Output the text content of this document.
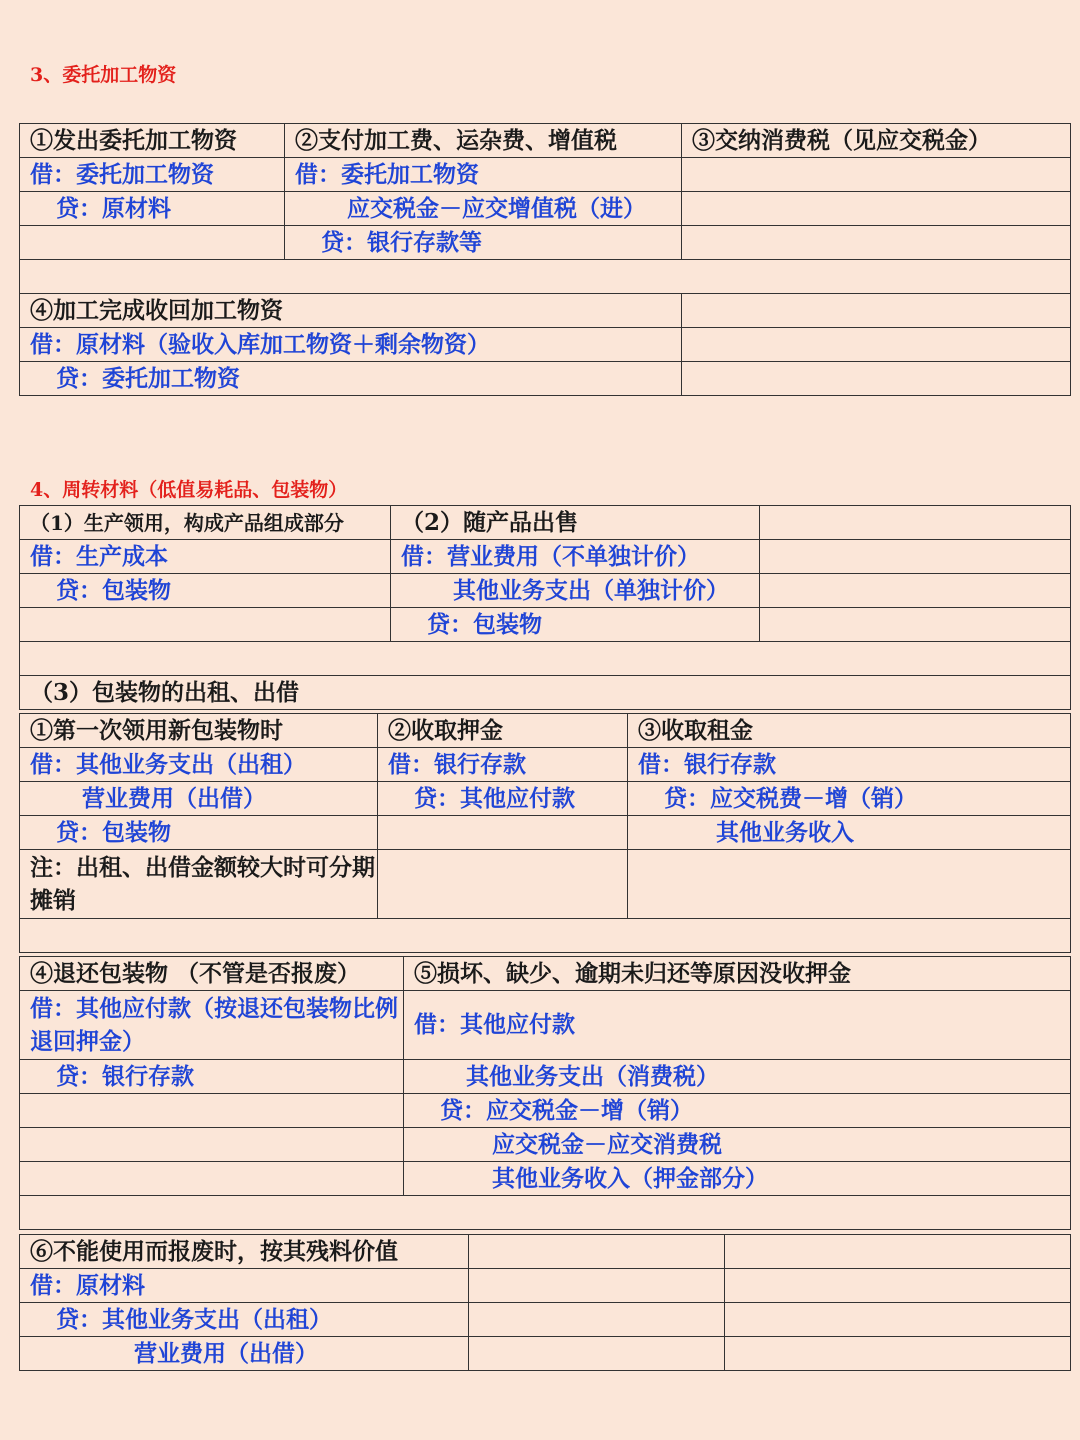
3、委托加工物资
①发出委托加工物资	②支付加工费、运杂费、增值税	③交纳消费税（见应交税金）
借：委托加工物资	借：委托加工物资	
贷：原材料	应交税金－应交增值税（进）	
	贷：银行存款等	

④加工完成收回加工物资		
借：原材料（验收入库加工物资＋剩余物资）		
贷：委托加工物资		
4、周转材料（低值易耗品、包装物）
（1）生产领用，构成产品组成部分	（2）随产品出售	
借：生产成本	借：营业费用（不单独计价）	
贷：包装物	其他业务支出（单独计价）	
	贷：包装物	

（3）包装物的出租、出借		
①第一次领用新包装物时	②收取押金	③收取租金
借：其他业务支出（出租）	借：银行存款	借：银行存款
营业费用（出借）	贷：其他应付款	贷：应交税费－增（销）
贷：包装物		其他业务收入
注：出租、出借金额较大时可分期摊销		

④退还包装物 （不管是否报废）	⑤损坏、缺少、逾期未归还等原因没收押金
借：其他应付款（按退还包装物比例退回押金）	借：其他应付款
贷：银行存款	其他业务支出（消费税）
	贷：应交税金－增（销）
	应交税金－应交消费税
	其他业务收入（押金部分）

⑥不能使用而报废时，按其残料价值		
借：原材料		
贷：其他业务支出（出租）		
营业费用（出借）		
